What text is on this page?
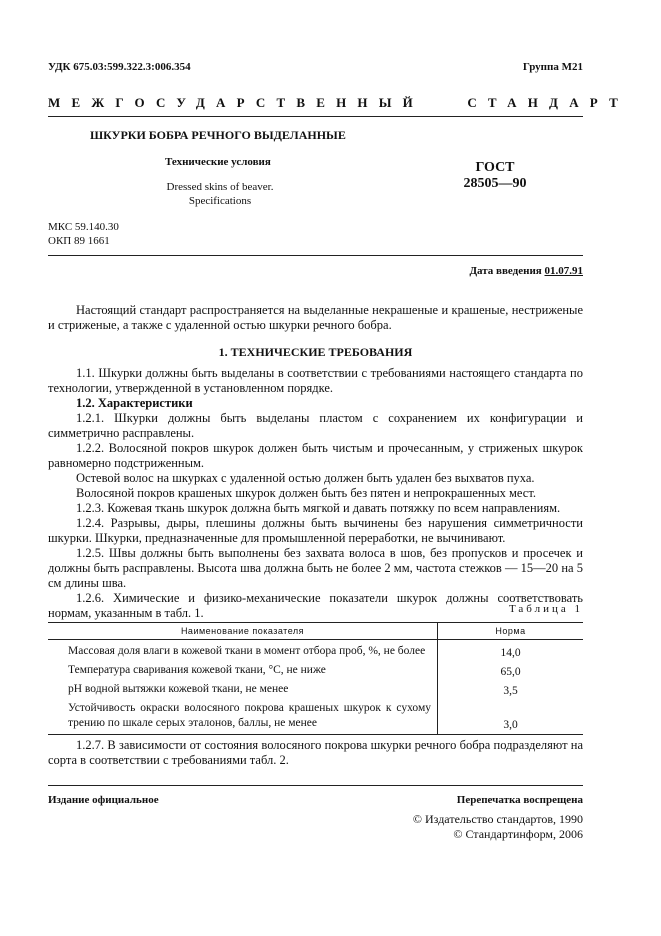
УДК 675.03:599.322.3:006.354	Группа М21
МЕЖГОСУДАРСТВЕННЫЙ   СТАНДАРТ
ШКУРКИ БОБРА РЕЧНОГО ВЫДЕЛАННЫЕ
Технические условия
Dressed skins of beaver.
Specifications
ГОСТ
28505—90
МКС 59.140.30
ОКП 89 1661
Дата введения 01.07.91

Настоящий стандарт распространяется на выделанные некрашеные и крашеные, нестриженые и стриженые, а также с удаленной остью шкурки речного бобра.

1. ТЕХНИЧЕСКИЕ ТРЕБОВАНИЯ

1.1. Шкурки должны быть выделаны в соответствии с требованиями настоящего стандарта по технологии, утвержденной в установленном порядке.

1.2. Характеристики

1.2.1. Шкурки должны быть выделаны пластом с сохранением их конфигурации и симметрично расправлены.

1.2.2. Волосяной покров шкурок должен быть чистым и прочесанным, у стриженых шкурок равномерно подстриженным.

Остевой волос на шкурках с удаленной остью должен быть удален без выхватов пуха.

Волосяной покров крашеных шкурок должен быть без пятен и непрокрашенных мест.

1.2.3. Кожевая ткань шкурок должна быть мягкой и давать потяжку по всем направлениям.

1.2.4. Разрывы, дыры, плешины должны быть вычинены без нарушения симметричности шкурки. Шкурки, предназначенные для промышленной переработки, не вычинивают.

1.2.5. Швы должны быть выполнены без захвата волоса в шов, без пропусков и просечек и должны быть расправлены. Высота шва должна быть не более 2 мм, частота стежков — 15—20 на 5 см длины шва.

1.2.6. Химические и физико-механические показатели шкурок должны соответствовать нормам, указанным в табл. 1.	Таблица 1
Наименование показателя	Норма
Массовая доля влаги в кожевой ткани в момент отбора проб, %, не более	14,0
Температура сваривания кожевой ткани, °С, не ниже	65,0
pH водной вытяжки кожевой ткани, не менее	3,5
Устойчивость окраски волосяного покрова крашеных шкурок к сухому трению по шкале серых эталонов, баллы, не менее	3,0

1.2.7. В зависимости от состояния волосяного покрова шкурки речного бобра подразделяют на сорта в соответствии с требованиями табл. 2.

Издание официальное	Перепечатка воспрещена
© Издательство стандартов, 1990
© Стандартинформ, 2006
